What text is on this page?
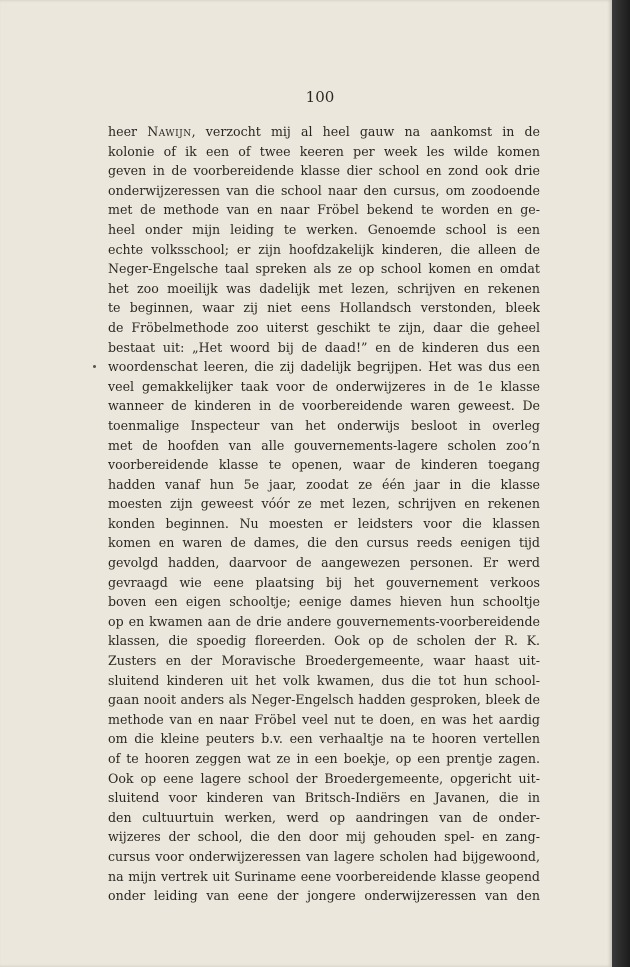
100
heer Nawijn, verzocht mij al heel gauw na aankomst in de
kolonie of ik een of twee keeren per week les wilde komen
geven in de voorbereidende klasse dier school en zond ook drie
onderwijzeressen van die school naar den cursus, om zoodoende
met de methode van en naar Fröbel bekend te worden en ge-
heel onder mijn leiding te werken. Genoemde school is een
echte volksschool; er zijn hoofdzakelijk kinderen, die alleen de
Neger-Engelsche taal spreken als ze op school komen en omdat
het zoo moeilijk was dadelijk met lezen, schrijven en rekenen
te beginnen, waar zij niet eens Hollandsch verstonden, bleek
de Fröbelmethode zoo uiterst geschikt te zijn, daar die geheel
bestaat uit: „Het woord bij de daad!” en de kinderen dus een
woordenschat leeren, die zij dadelijk begrijpen. Het was dus een
veel gemakkelijker taak voor de onderwijzeres in de 1e klasse
wanneer de kinderen in de voorbereidende waren geweest. De
toenmalige Inspecteur van het onderwijs besloot in overleg
met de hoofden van alle gouvernements-lagere scholen zoo’n
voorbereidende klasse te openen, waar de kinderen toegang
hadden vanaf hun 5e jaar, zoodat ze één jaar in die klasse
moesten zijn geweest vóór ze met lezen, schrijven en rekenen
konden beginnen. Nu moesten er leidsters voor die klassen
komen en waren de dames, die den cursus reeds eenigen tijd
gevolgd hadden, daarvoor de aangewezen personen. Er werd
gevraagd wie eene plaatsing bij het gouvernement verkoos
boven een eigen schooltje; eenige dames hieven hun schooltje
op en kwamen aan de drie andere gouvernements-voorbereidende
klassen, die spoedig floreerden. Ook op de scholen der R. K.
Zusters en der Moravische Broedergemeente, waar haast uit-
sluitend kinderen uit het volk kwamen, dus die tot hun school-
gaan nooit anders als Neger-Engelsch hadden gesproken, bleek de
methode van en naar Fröbel veel nut te doen, en was het aardig
om die kleine peuters b.v. een verhaaltje na te hooren vertellen
of te hooren zeggen wat ze in een boekje, op een prentje zagen.
Ook op eene lagere school der Broedergemeente, opgericht uit-
sluitend voor kinderen van Britsch-Indiërs en Javanen, die in
den cultuurtuin werken, werd op aandringen van de onder-
wijzeres der school, die den door mij gehouden spel- en zang-
cursus voor onderwijzeressen van lagere scholen had bijgewoond,
na mijn vertrek uit Suriname eene voorbereidende klasse geopend
onder leiding van eene der jongere onderwijzeressen van den
